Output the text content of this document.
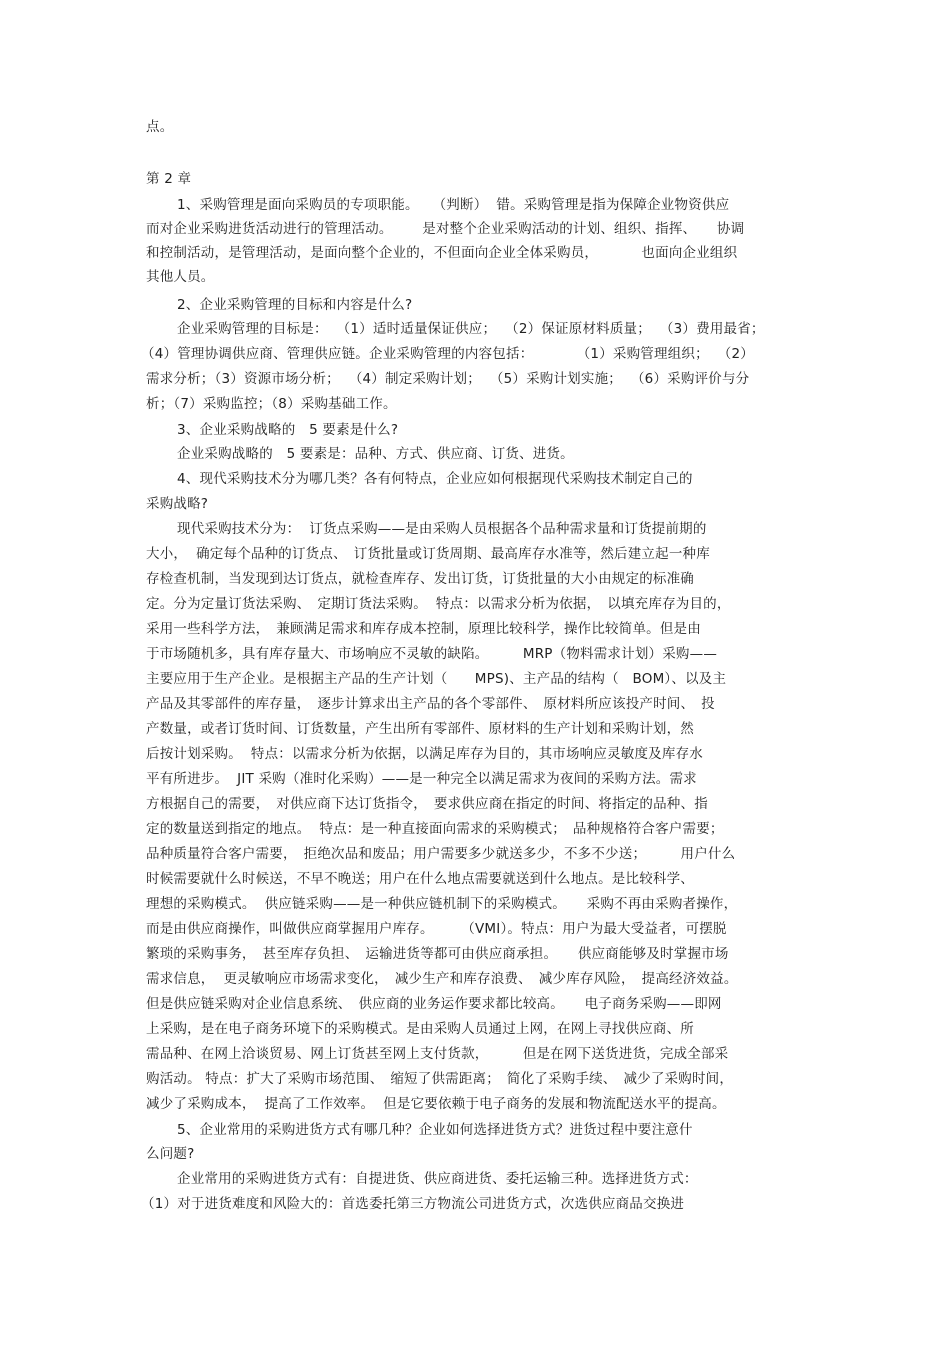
点。
第 2 章
1、采购管理是面向采购员的专项职能。　　（判断）  错。采购管理是指为保障企业物资供应
而对企业采购进货活动进行的管理活动。　　  是对整个企业采购活动的计划、组织、指挥、　　协调
和控制活动，是管理活动，是面向整个企业的，不但面向企业全体采购员，　　　  也面向企业组织
其他人员。
2、企业采购管理的目标和内容是什么?
企业采购管理的目标是：  （1）适时适量保证供应；  （2）保证原材料质量；  （3）费用最省；
（4）管理协调供应商、管理供应链。企业采购管理的内容包括：　　　  （1）采购管理组织；  （2）
需求分析；（3）资源市场分析；  （4）制定采购计划；  （5）采购计划实施；  （6）采购评价与分
析；（7）采购监控；（8）采购基础工作。
3、企业采购战略的　5 要素是什么?
企业采购战略的　5 要素是：品种、方式、供应商、订货、进货。
4、现代采购技术分为哪几类？各有何特点，企业应如何根据现代采购技术制定自己的
采购战略?
现代采购技术分为：  订货点采购——是由采购人员根据各个品种需求量和订货提前期的
大小，  确定每个品种的订货点、　订货批量或订货周期、最高库存水准等，然后建立起一种库
存检查机制，当发现到达订货点，就检查库存、发出订货，订货批量的大小由规定的标准确
定。分为定量订货法采购、　定期订货法采购。  特点：以需求分析为依据，　以填充库存为目的，
采用一些科学方法，　兼顾满足需求和库存成本控制，原理比较科学，操作比较简单。但是由
于市场随机多，具有库存量大、市场响应不灵敏的缺陷。　　　MRP（物料需求计划）采购——
主要应用于生产企业。是根据主产品的生产计划（　　MPS)、主产品的结构（　BOM）、以及主
产品及其零部件的库存量，　逐步计算求出主产品的各个零部件、　原材料所应该投产时间、　投
产数量，或者订货时间、订货数量，产生出所有零部件、原材料的生产计划和采购计划，然
后按计划采购。  特点：以需求分析为依据，以满足库存为目的，其市场响应灵敏度及库存水
平有所进步。  JIT 采购（准时化采购）——是一种完全以满足需求为夜间的采购方法。需求
方根据自己的需要，　对供应商下达订货指令，　要求供应商在指定的时间、将指定的品种、指
定的数量送到指定的地点。  特点：是一种直接面向需求的采购模式；　品种规格符合客户需要；
品种质量符合客户需要，　拒绝次品和废品；用户需要多少就送多少，不多不少送；　　　用户什么
时候需要就什么时候送，不早不晚送；用户在什么地点需要就送到什么地点。是比较科学、
理想的采购模式。  供应链采购——是一种供应链机制下的采购模式。　　采购不再由采购者操作，
而是由供应商操作，叫做供应商掌握用户库存。　　　（VMI）。特点：用户为最大受益者，可摆脱
繁琐的采购事务，　甚至库存负担、　运输进货等都可由供应商承担。　　供应商能够及时掌握市场
需求信息，  更灵敏响应市场需求变化，　减少生产和库存浪费、　减少库存风险，　提高经济效益。
但是供应链采购对企业信息系统、　供应商的业务运作要求都比较高。　　电子商务采购——即网
上采购，是在电子商务环境下的采购模式。是由采购人员通过上网，在网上寻找供应商、所
需品种、在网上洽谈贸易、网上订货甚至网上支付货款，　　　但是在网下送货进货，完成全部采
购活动。 特点：扩大了采购市场范围、　缩短了供需距离；　简化了采购手续、　减少了采购时间，
减少了采购成本，  提高了工作效率。  但是它要依赖于电子商务的发展和物流配送水平的提高。
5、企业常用的采购进货方式有哪几种？企业如何选择进货方式？进货过程中要注意什
么问题?
企业常用的采购进货方式有：自提进货、供应商进货、委托运输三种。选择进货方式：
（1）对于进货难度和风险大的：首选委托第三方物流公司进货方式，次选供应商品交换进
